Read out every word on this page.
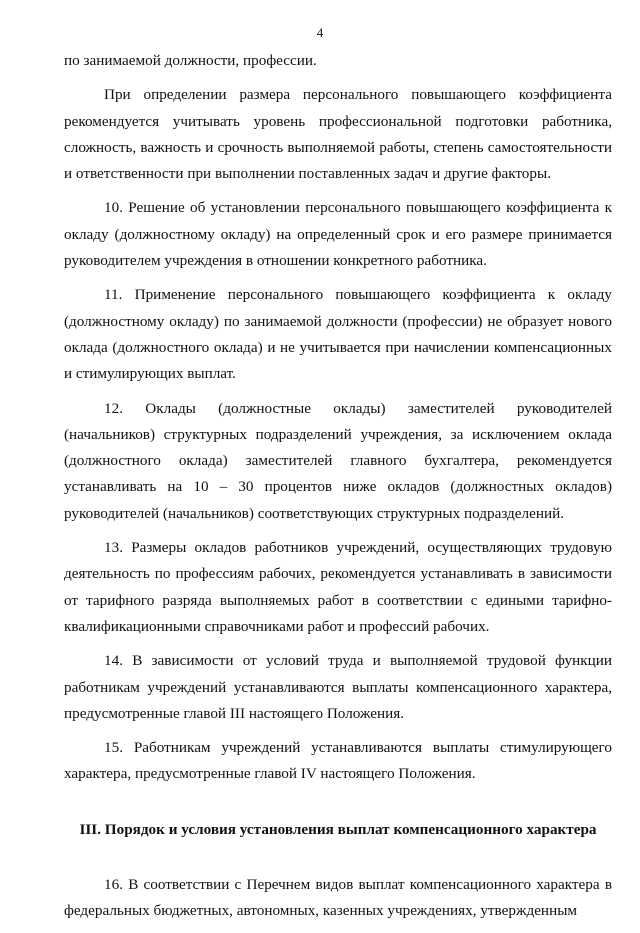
4

по занимаемой должности, профессии.

При определении размера персонального повышающего коэффициента рекомендуется учитывать уровень профессиональной подготовки работника, сложность, важность и срочность выполняемой работы, степень самостоятельности и ответственности при выполнении поставленных задач и другие факторы.

10. Решение об установлении персонального повышающего коэффициента к окладу (должностному окладу) на определенный срок и его размере принимается руководителем учреждения в отношении конкретного работника.

11. Применение персонального повышающего коэффициента к окладу (должностному окладу) по занимаемой должности (профессии) не образует нового оклада (должностного оклада) и не учитывается при начислении компенсационных и стимулирующих выплат.

12. Оклады (должностные оклады) заместителей руководителей (начальников) структурных подразделений учреждения, за исключением оклада (должностного оклада) заместителей главного бухгалтера, рекомендуется устанавливать на 10 – 30 процентов ниже окладов (должностных окладов) руководителей (начальников) соответствующих структурных подразделений.

13. Размеры окладов работников учреждений, осуществляющих трудовую деятельность по профессиям рабочих, рекомендуется устанавливать в зависимости от тарифного разряда выполняемых работ в соответствии с едиными тарифно-квалификационными справочниками работ и профессий рабочих.

14. В зависимости от условий труда и выполняемой трудовой функции работникам учреждений устанавливаются выплаты компенсационного характера, предусмотренные главой III настоящего Положения.

15. Работникам учреждений устанавливаются выплаты стимулирующего характера, предусмотренные главой IV настоящего Положения.

III. Порядок и условия установления выплат компенсационного характера

16. В соответствии с Перечнем видов выплат компенсационного характера в федеральных бюджетных, автономных, казенных учреждениях, утвержденным
